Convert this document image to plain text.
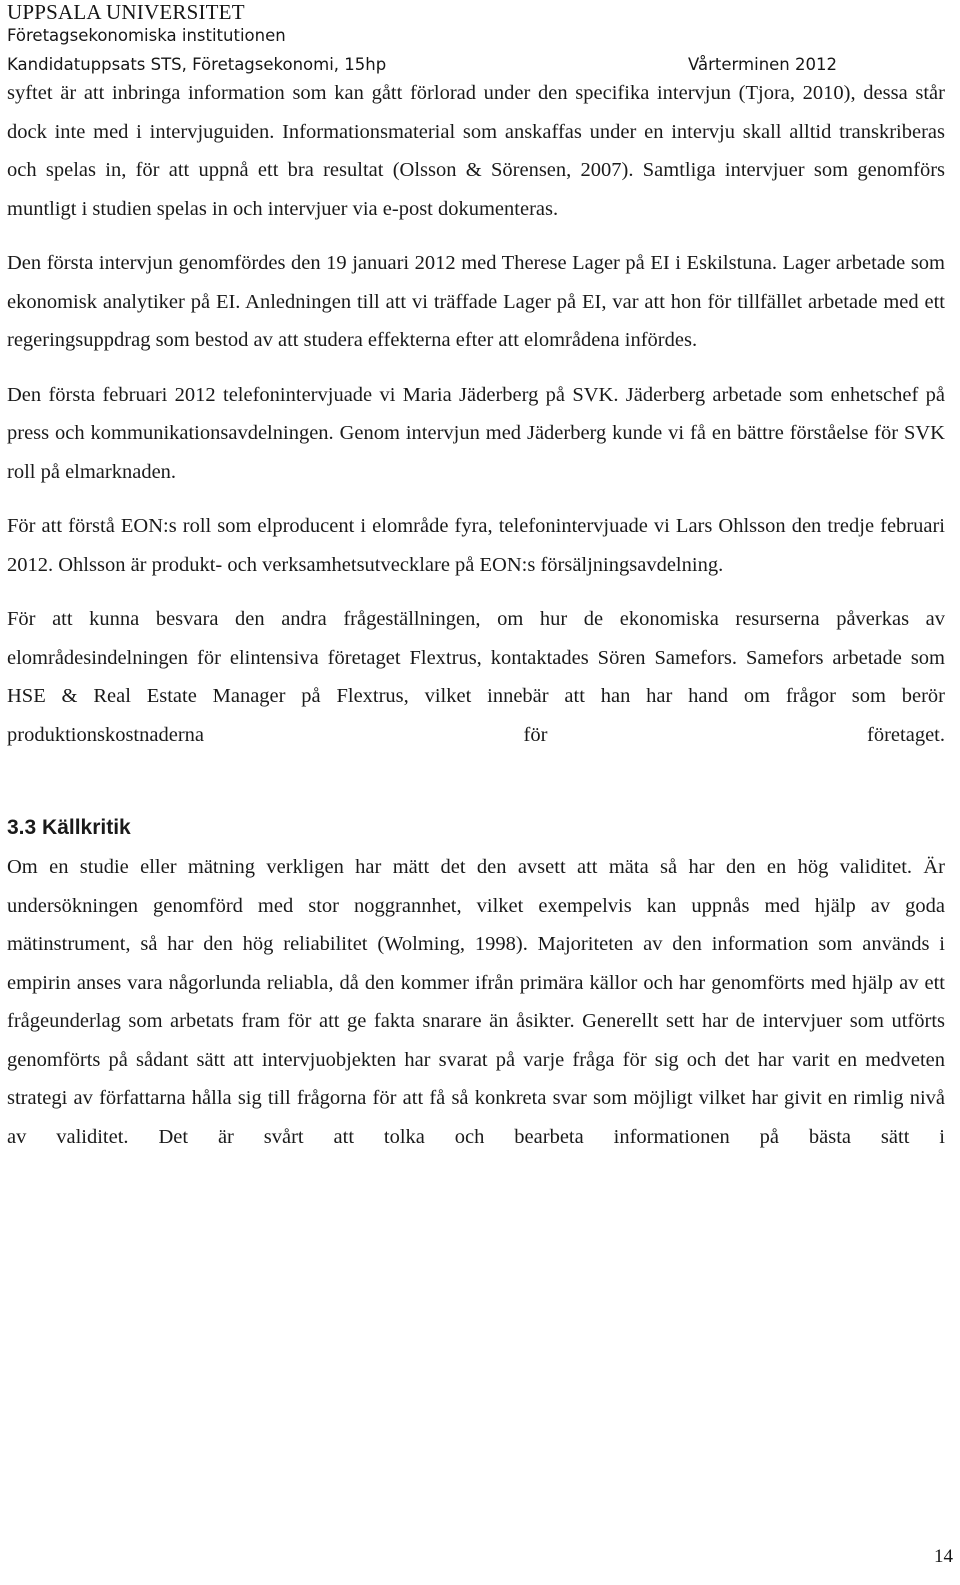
UPPSALA UNIVERSITET
Företagsekonomiska institutionen
Kandidatuppsats STS, Företagsekonomi, 15hp	Vårterminen 2012

syftet är att inbringa information som kan gått förlorad under den specifika intervjun (Tjora, 2010), dessa står dock inte med i intervjuguiden. Informationsmaterial som anskaffas under en intervju skall alltid transkriberas och spelas in, för att uppnå ett bra resultat (Olsson & Sörensen, 2007). Samtliga intervjuer som genomförs muntligt i studien spelas in och intervjuer via e-post dokumenteras.

Den första intervjun genomfördes den 19 januari 2012 med Therese Lager på EI i Eskilstuna. Lager arbetade som ekonomisk analytiker på EI. Anledningen till att vi träffade Lager på EI, var att hon för tillfället arbetade med ett regeringsuppdrag som bestod av att studera effekterna efter att elområdena infördes.

Den första februari 2012 telefonintervjuade vi Maria Jäderberg på SVK. Jäderberg arbetade som enhetschef på press och kommunikationsavdelningen. Genom intervjun med Jäderberg kunde vi få en bättre förståelse för SVK roll på elmarknaden.

För att förstå EON:s roll som elproducent i elområde fyra, telefonintervjuade vi Lars Ohlsson den tredje februari 2012. Ohlsson är produkt- och verksamhetsutvecklare på EON:s försäljningsavdelning.

För att kunna besvara den andra frågeställningen, om hur de ekonomiska resurserna påverkas av elområdesindelningen för elintensiva företaget Flextrus, kontaktades Sören Samefors. Samefors arbetade som HSE & Real Estate Manager på Flextrus, vilket innebär att han har hand om frågor som berör produktionskostnaderna för företaget.

3.3 Källkritik

Om en studie eller mätning verkligen har mätt det den avsett att mäta så har den en hög validitet. Är undersökningen genomförd med stor noggrannhet, vilket exempelvis kan uppnås med hjälp av goda mätinstrument, så har den hög reliabilitet (Wolming, 1998). Majoriteten av den information som används i empirin anses vara någorlunda reliabla, då den kommer ifrån primära källor och har genomförts med hjälp av ett frågeunderlag som arbetats fram för att ge fakta snarare än åsikter. Generellt sett har de intervjuer som utförts genomförts på sådant sätt att intervjuobjekten har svarat på varje fråga för sig och det har varit en medveten strategi av författarna hålla sig till frågorna för att få så konkreta svar som möjligt vilket har givit en rimlig nivå av validitet. Det är svårt att tolka och bearbeta informationen på bästa sätt i

14
